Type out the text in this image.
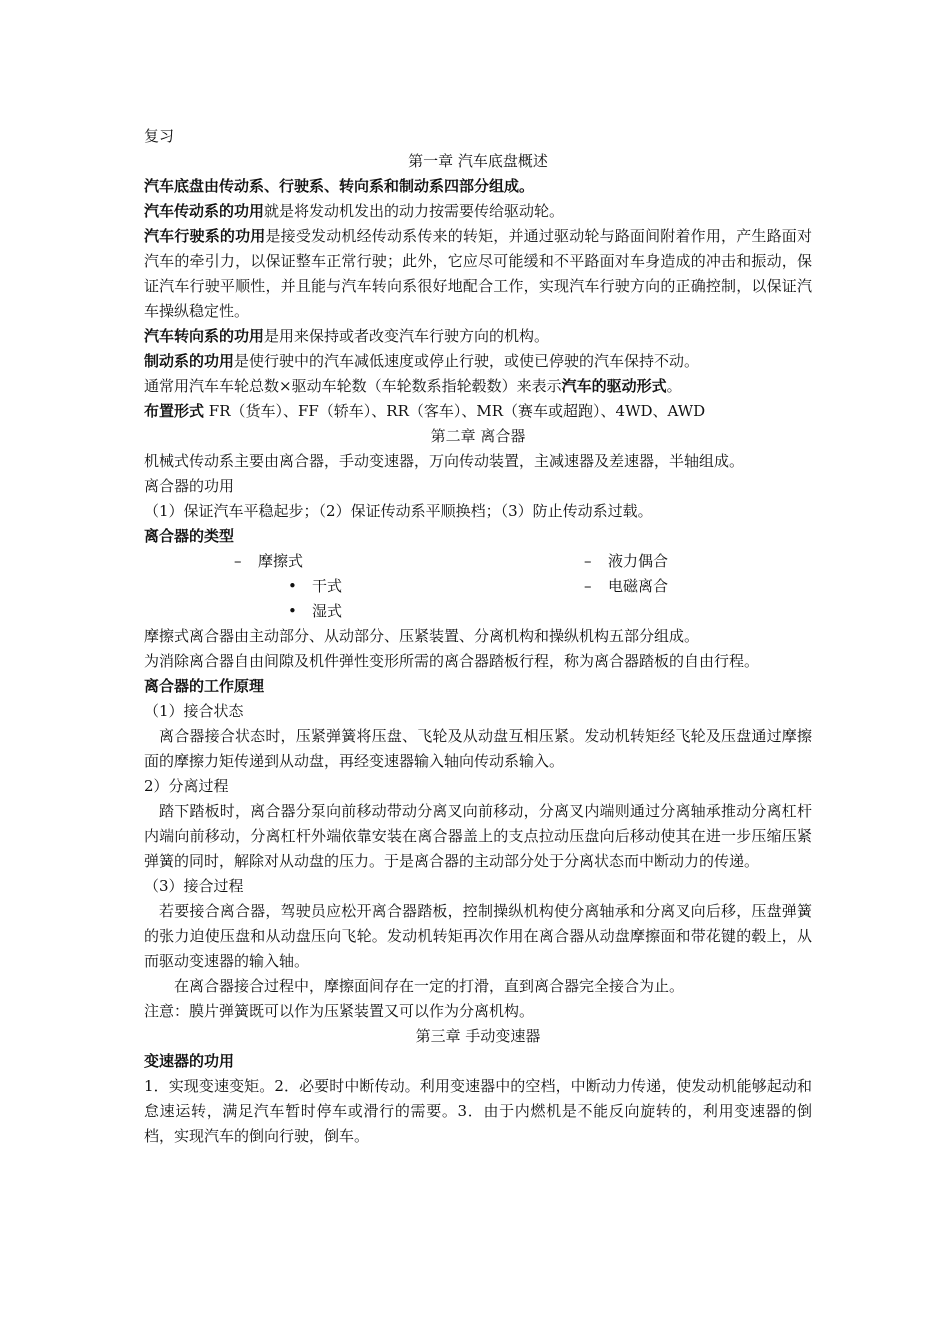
复习
第一章 汽车底盘概述
汽车底盘由传动系、行驶系、转向系和制动系四部分组成。
汽车传动系的功用就是将发动机发出的动力按需要传给驱动轮。
汽车行驶系的功用是接受发动机经传动系传来的转矩，并通过驱动轮与路面间附着作用，产生路面对汽车的牵引力，以保证整车正常行驶；此外，它应尽可能缓和不平路面对车身造成的冲击和振动，保证汽车行驶平顺性，并且能与汽车转向系很好地配合工作，实现汽车行驶方向的正确控制，以保证汽车操纵稳定性。
汽车转向系的功用是用来保持或者改变汽车行驶方向的机构。
制动系的功用是使行驶中的汽车减低速度或停止行驶，或使已停驶的汽车保持不动。
通常用汽车车轮总数×驱动车轮数（车轮数系指轮毂数）来表示汽车的驱动形式。
布置形式 FR（货车）、FF（轿车）、RR（客车）、MR（赛车或超跑）、4WD、AWD
第二章 离合器
机械式传动系主要由离合器，手动变速器，万向传动装置，主减速器及差速器，半轴组成。
离合器的功用
（1）保证汽车平稳起步；（2）保证传动系平顺换档；（3）防止传动系过载。
离合器的类型
– 摩擦式
• 干式
• 湿式
– 液力偶合
– 电磁离合
摩擦式离合器由主动部分、从动部分、压紧装置、分离机构和操纵机构五部分组成。
为消除离合器自由间隙及机件弹性变形所需的离合器踏板行程，称为离合器踏板的自由行程。
离合器的工作原理
（1）接合状态
离合器接合状态时，压紧弹簧将压盘、飞轮及从动盘互相压紧。发动机转矩经飞轮及压盘通过摩擦面的摩擦力矩传递到从动盘，再经变速器输入轴向传动系输入。
2）分离过程
踏下踏板时，离合器分泵向前移动带动分离叉向前移动，分离叉内端则通过分离轴承推动分离杠杆内端向前移动，分离杠杆外端依靠安装在离合器盖上的支点拉动压盘向后移动使其在进一步压缩压紧弹簧的同时，解除对从动盘的压力。于是离合器的主动部分处于分离状态而中断动力的传递。
（3）接合过程
若要接合离合器，驾驶员应松开离合器踏板，控制操纵机构使分离轴承和分离叉向后移，压盘弹簧的张力迫使压盘和从动盘压向飞轮。发动机转矩再次作用在离合器从动盘摩擦面和带花键的毂上，从而驱动变速器的输入轴。
在离合器接合过程中，摩擦面间存在一定的打滑，直到离合器完全接合为止。
注意：膜片弹簧既可以作为压紧装置又可以作为分离机构。
第三章 手动变速器
变速器的功用
1．实现变速变矩。2．必要时中断传动。利用变速器中的空档，中断动力传递，使发动机能够起动和怠速运转，满足汽车暂时停车或滑行的需要。3．由于内燃机是不能反向旋转的，利用变速器的倒档，实现汽车的倒向行驶，倒车。
